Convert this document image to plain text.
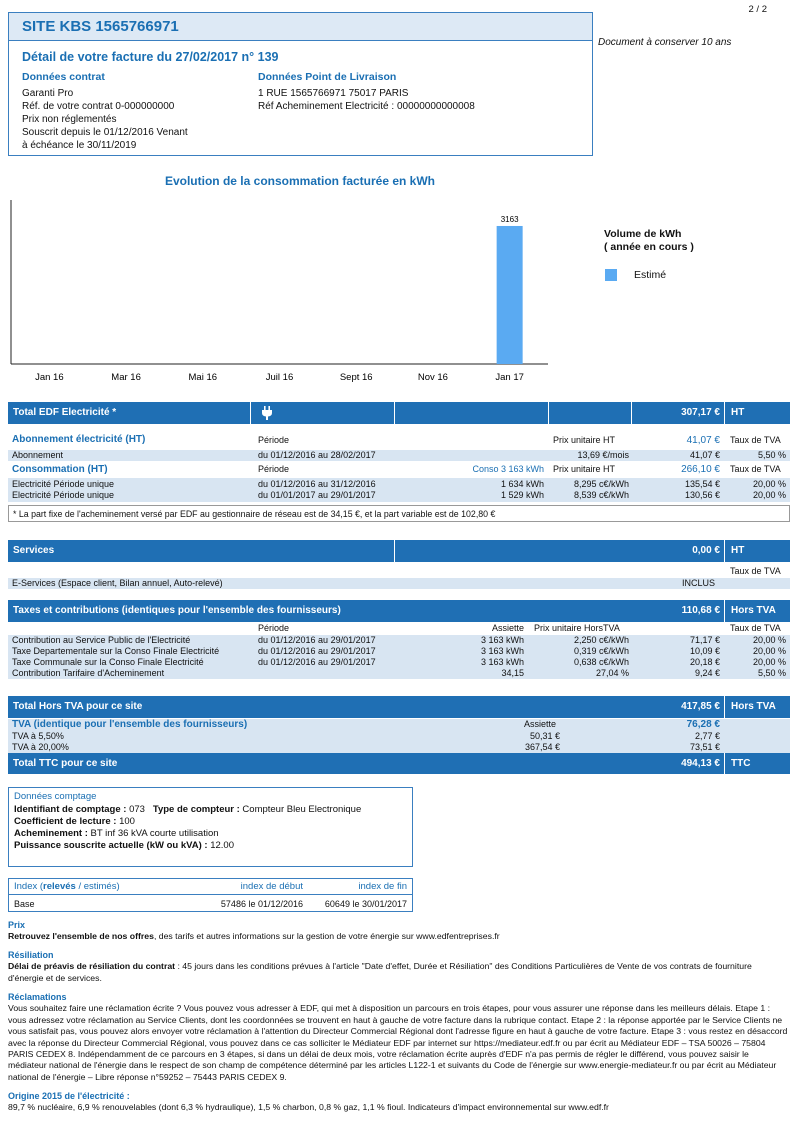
2 / 2
Document à conserver 10 ans
SITE KBS 1565766971
Détail de votre facture du 27/02/2017 n° 139
Données contrat
Garanti Pro
Réf. de votre contrat 0-000000000
Prix non réglementés
Souscrit depuis le 01/12/2016 Venant
à échéance le 30/11/2019
Données Point de Livraison
1 RUE 1565766971 75017 PARIS
Réf Acheminement Electricité : 00000000000008
Evolution de la consommation facturée en kWh
Jan 16	Mar 16	Mai 16	Juil 16	Sept 16	Nov 16	Jan 17
3163
Volume de kWh
( année en cours )
Estimé
Total EDF Electricité *	307,17 € HT
Abonnement électricité (HT)	Période	Prix unitaire HT	41,07 € Taux de TVA
Abonnement	du 01/12/2016 au 28/02/2017	13,69 €/mois	41,07 €	5,50 %
Consommation (HT)	Période	Conso 3 163 kWh Prix unitaire HT	266,10 € Taux de TVA
Electricité Période unique	du 01/12/2016 au 31/12/2016	1 634 kWh	8,295 c€/kWh	135,54 €	20,00 %
Electricité Période unique	du 01/01/2017 au 29/01/2017	1 529 kWh	8,539 c€/kWh	130,56 €	20,00 %
* La part fixe de l'acheminement versé par EDF au gestionnaire de réseau est de 34,15 €, et la part variable est de 102,80 €
Services	0,00 € HT
Taux de TVA
E-Services (Espace client, Bilan annuel, Auto-relevé)	INCLUS
Taxes et contributions (identiques pour l'ensemble des fournisseurs)	110,68 € Hors TVA
Période	Assiette Prix unitaire HorsTVA	Taux de TVA
Contribution au Service Public de l'Electricité	du 01/12/2016 au 29/01/2017	3 163 kWh	2,250 c€/kWh	71,17 €	20,00 %
Taxe Departementale sur la Conso Finale Electricité	du 01/12/2016 au 29/01/2017	3 163 kWh	0,319 c€/kWh	10,09 €	20,00 %
Taxe Communale sur la Conso Finale Electricité	du 01/12/2016 au 29/01/2017	3 163 kWh	0,638 c€/kWh	20,18 €	20,00 %
Contribution Tarifaire d'Acheminement	34,15	27,04 %	9,24 €	5,50 %
Total Hors TVA pour ce site	417,85 € Hors TVA
TVA (identique pour l'ensemble des fournisseurs)	Assiette	76,28 €
TVA à 5,50%	50,31 €	2,77 €
TVA à 20,00%	367,54 €	73,51 €
Total TTC pour ce site	494,13 € TTC
Données comptage
Identifiant de comptage : 073 Type de compteur : Compteur Bleu Electronique
Coefficient de lecture : 100
Acheminement : BT inf 36 kVA courte utilisation
Puissance souscrite actuelle (kW ou kVA) : 12.00
Index (relevés / estimés)	index de début	index de fin
Base	57486 le 01/12/2016	60649 le 30/01/2017
Prix
Retrouvez l'ensemble de nos offres, des tarifs et autres informations sur la gestion de votre énergie sur www.edfentreprises.fr
Résiliation
Délai de préavis de résiliation du contrat : 45 jours dans les conditions prévues à l'article "Date d'effet, Durée et Résiliation" des Conditions Particulières de Vente de vos contrats de fourniture d'énergie et de services.
Réclamations
Vous souhaitez faire une réclamation écrite ? Vous pouvez vous adresser à EDF, qui met à disposition un parcours en trois étapes, pour vous assurer une réponse dans les meilleurs délais. Etape 1 : vous adressez votre réclamation au Service Clients, dont les coordonnées se trouvent en haut à gauche de votre facture dans la rubrique contact. Etape 2 : la réponse apportée par le Service Clients ne vous satisfait pas, vous pouvez alors envoyer votre réclamation à l'attention du Directeur Commercial Régional dont l'adresse figure en haut à gauche de votre facture. Etape 3 : vous restez en désaccord avec la réponse du Directeur Commercial Régional, vous pouvez dans ce cas solliciter le Médiateur EDF par internet sur https://mediateur.edf.fr ou par écrit au Médiateur EDF – TSA 50026 – 75804 PARIS CEDEX 8. Indépendamment de ce parcours en 3 étapes, si dans un délai de deux mois, votre réclamation écrite auprès d'EDF n'a pas permis de régler le différend, vous pouvez saisir le médiateur national de l'énergie dans le respect de son champ de compétence déterminé par les articles L122-1 et suivants du Code de l'énergie sur www.energie-mediateur.fr ou par écrit au Médiateur national de l'énergie – Libre réponse n°59252 – 75443 PARIS CEDEX 9.
Origine 2015 de l'électricité :
89,7 % nucléaire, 6,9 % renouvelables (dont 6,3 % hydraulique), 1,5 % charbon, 0,8 % gaz, 1,1 % fioul. Indicateurs d'impact environnemental sur www.edf.fr
